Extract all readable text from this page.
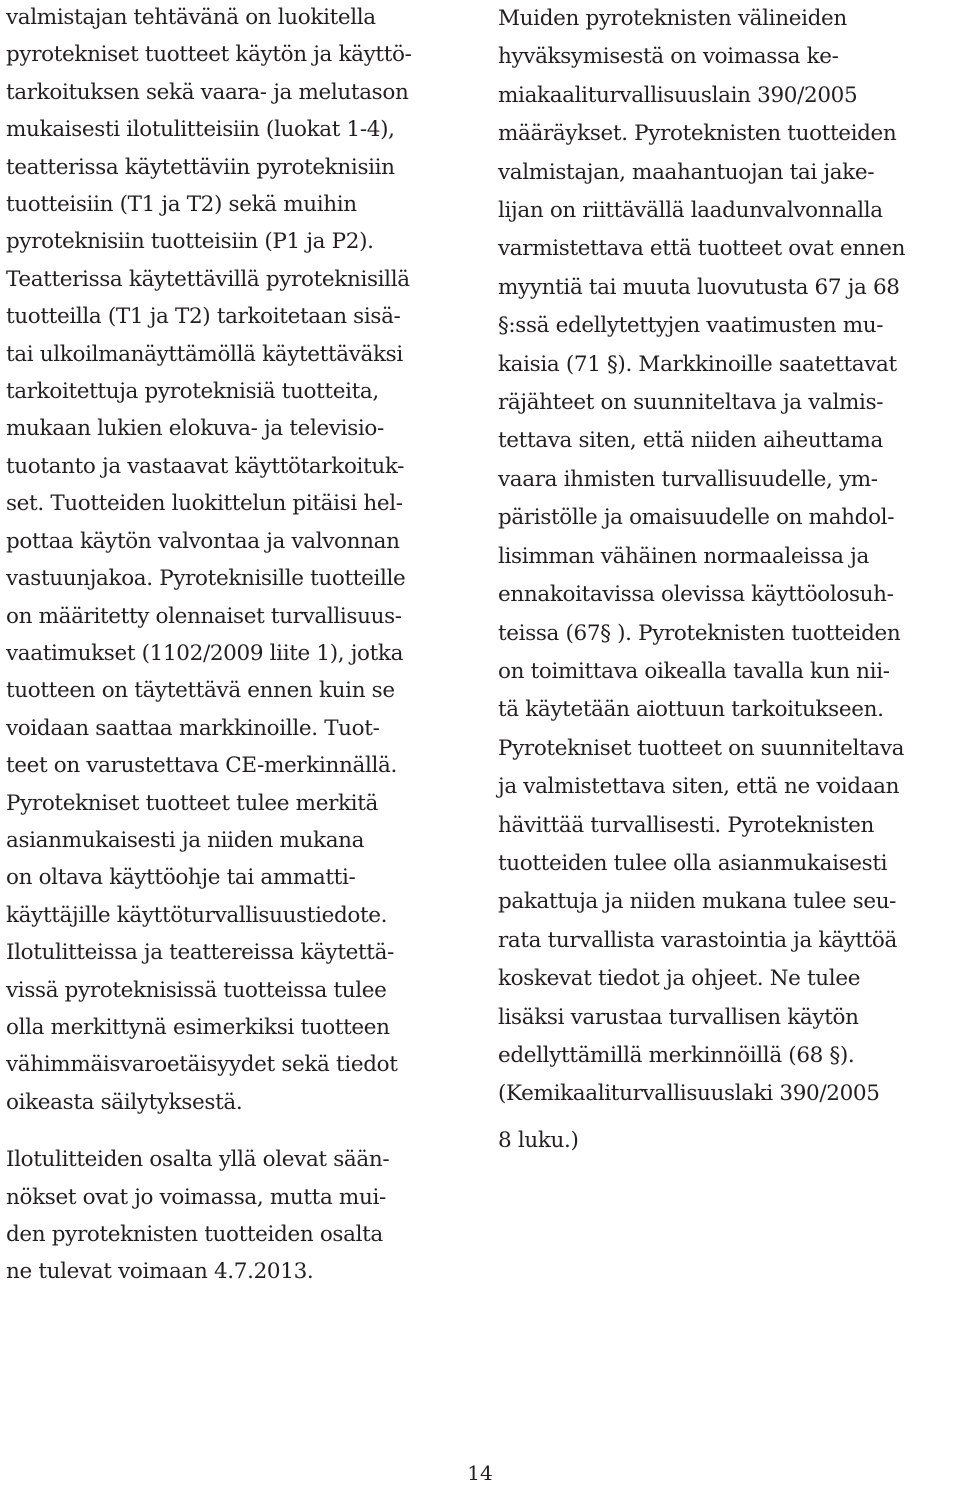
valmistajan tehtävänä on luokitella
pyrotekniset tuotteet käytön ja käyttö-
tarkoituksen sekä vaara- ja melutason
mukaisesti ilotulitteisiin (luokat 1-4),
teatterissa käytettäviin pyroteknisiin
tuotteisiin (T1 ja T2) sekä muihin
pyroteknisiin tuotteisiin (P1 ja P2).
Teatterissa käytettävillä pyroteknisillä
tuotteilla (T1 ja T2) tarkoitetaan sisä-
tai ulkoilmanäyttämöllä käytettäväksi
tarkoitettuja pyroteknisiä tuotteita,
mukaan lukien elokuva- ja televisio-
tuotanto ja vastaavat käyttötarkoituk-
set. Tuotteiden luokittelun pitäisi hel-
pottaa käytön valvontaa ja valvonnan
vastuunjakoa. Pyroteknisille tuotteille
on määritetty olennaiset turvallisuus-
vaatimukset (1102/2009 liite 1), jotka
tuotteen on täytettävä ennen kuin se
voidaan saattaa markkinoille. Tuot-
teet on varustettava CE-merkinnällä.
Pyrotekniset tuotteet tulee merkitä
asianmukaisesti ja niiden mukana
on oltava käyttöohje tai ammatti-
käyttäjille käyttöturvallisuustiedote.
Ilotulitteissa ja teattereissa käytettä-
vissä pyroteknisissä tuotteissa tulee
olla merkittynä esimerkiksi tuotteen
vähimmäisvaroetäisyydet sekä tiedot
oikeasta säilytyksestä.
Ilotulitteiden osalta yllä olevat sään-
nökset ovat jo voimassa, mutta mui-
den pyroteknisten tuotteiden osalta
ne tulevat voimaan 4.7.2013.
Muiden pyroteknisten välineiden
hyväksymisestä on voimassa ke-
miakaaliturvallisuuslain 390/2005
määräykset. Pyroteknisten tuotteiden
valmistajan, maahantuojan tai jake-
lijan on riittävällä laadunvalvonnalla
varmistettava että tuotteet ovat ennen
myyntiä tai muuta luovutusta 67 ja 68
§:ssä edellytettyjen vaatimusten mu-
kaisia (71 §). Markkinoille saatettavat
räjähteet on suunniteltava ja valmis-
tettava siten, että niiden aiheuttama
vaara ihmisten turvallisuudelle, ym-
päristölle ja omaisuudelle on mahdol-
lisimman vähäinen normaaleissa ja
ennakoitavissa olevissa käyttöolosuh-
teissa (67§ ). Pyroteknisten tuotteiden
on toimittava oikealla tavalla kun nii-
tä käytetään aiottuun tarkoitukseen.
Pyrotekniset tuotteet on suunniteltava
ja valmistettava siten, että ne voidaan
hävittää turvallisesti. Pyroteknisten
tuotteiden tulee olla asianmukaisesti
pakattuja ja niiden mukana tulee seu-
rata turvallista varastointia ja käyttöä
koskevat tiedot ja ohjeet. Ne tulee
lisäksi varustaa turvallisen käytön
edellyttämillä merkinnöillä (68 §).
(Kemikaaliturvallisuuslaki 390/2005
8 luku.)
14
